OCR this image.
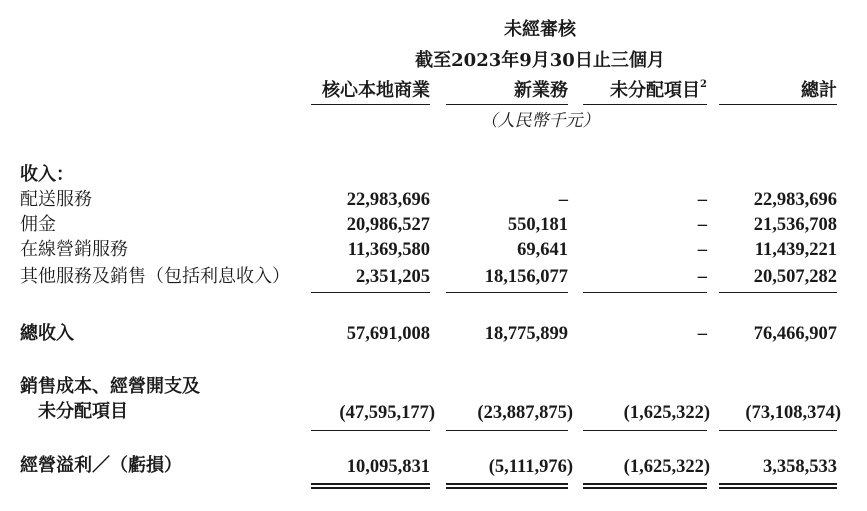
未經審核
截至2023年9月30日止三個月
核心本地商業	新業務 未分配項目$^2$	總計
（人民幣千元）
收入：
配送服務	22,983,696	–	–	22,983,696
佣金	20,986,527	550,181	–	21,536,708
在線營銷服務	11,369,580	69,641	–	11,439,221
其他服務及銷售（包括利息收入）	2,351,205	18,156,077	–	20,507,282
總收入	57,691,008	18,775,899	–	76,466,907
銷售成本、經營開支及
未分配項目	(47,595,177) (23,887,875)	(1,625,322) (73,108,374)
經營溢利／（虧損）	10,095,831	(5,111,976)	(1,625,322)	3,358,533
